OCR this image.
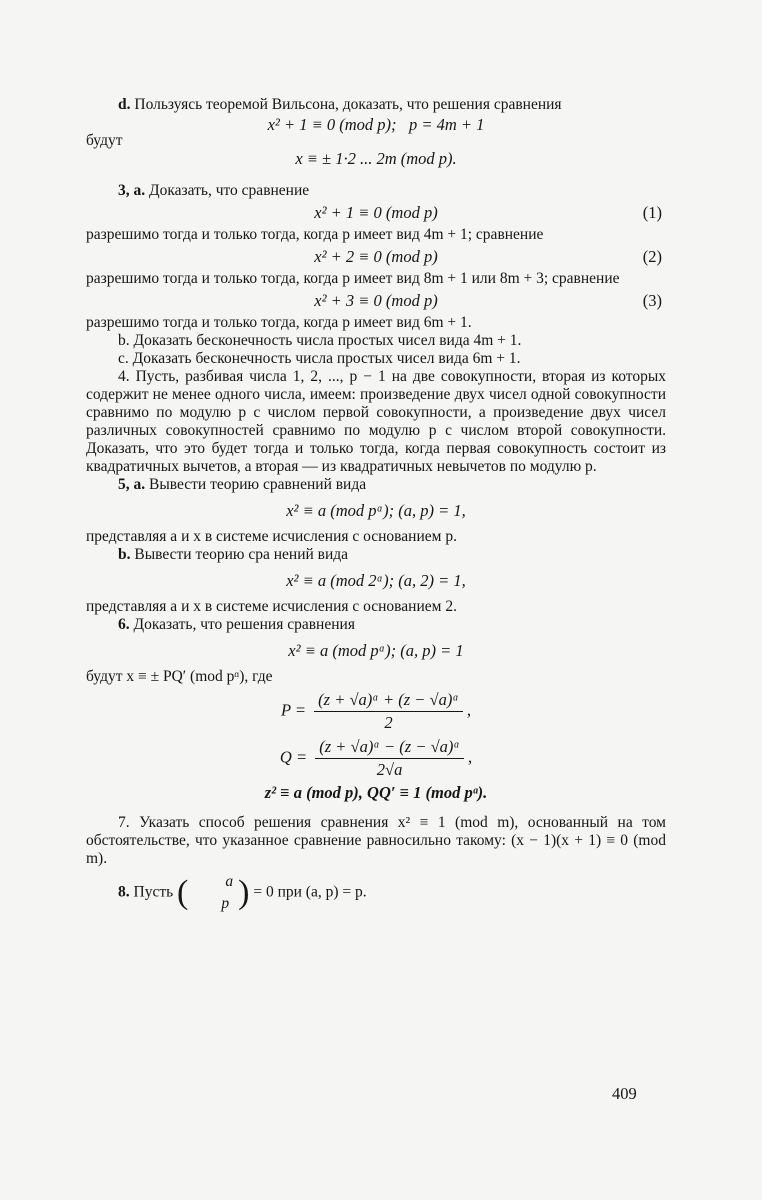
d. Пользуясь теоремой Вильсона, доказать, что решения сравнения

x² + 1 ≡ 0 (mod p); p = 4m + 1

будут

x ≡ ± 1·2 ... 2m (mod p).

3, a. Доказать, что сравнение

x² + 1 ≡ 0 (mod p)	(1)

разрешимо тогда и только тогда, когда p имеет вид 4m + 1; сравнение

x² + 2 ≡ 0 (mod p)	(2)

разрешимо тогда и только тогда, когда p имеет вид 8m + 1 или 8m + 3; сравнение

x² + 3 ≡ 0 (mod p)	(3)

разрешимо тогда и только тогда, когда p имеет вид 6m + 1.

b. Доказать бесконечность числа простых чисел вида 4m + 1.

c. Доказать бесконечность числа простых чисел вида 6m + 1.

4. Пусть, разбивая числа 1, 2, ..., p − 1 на две совокупности, вторая из которых содержит не менее одного числа, имеем: произведение двух чисел одной совокупности сравнимо по модулю p с числом первой совокупности, а произведение двух чисел различных совокупностей сравнимо по модулю p с числом второй совокупности. Доказать, что это будет тогда и только тогда, когда первая совокупность состоит из квадратичных вычетов, а вторая — из квадратичных невычетов по модулю p.

5, a. Вывести теорию сравнений вида

x² ≡ a (mod pᵅ); (a, p) = 1,

представляя a и x в системе исчисления с основанием p.

b. Вывести теорию сра нений вида

x² ≡ a (mod 2ᵅ); (a, 2) = 1,

представляя a и x в системе исчисления с основанием 2.

6. Доказать, что решения сравнения

x² ≡ a (mod pᵅ); (a, p) = 1

будут x ≡ ± PQ′ (mod pᵅ), где

$P = \frac{\text{(z + √a)ᵅ + (z − √a)ᵅ}}{2}$ ,
$Q = \frac{\text{(z + √a)ᵅ − (z − √a)ᵅ}}{2√a}$ ,
z² ≡ a (mod p), QQ′ ≡ 1 (mod pᵅ).

7. Указать способ решения сравнения x² ≡ 1 (mod m), основанный на том обстоятельстве, что указанное сравнение равносильно такому: (x − 1)(x + 1) ≡ 0 (mod m).

8. Пусть (	a
p ) = 0 при (a, p) = p.

409
